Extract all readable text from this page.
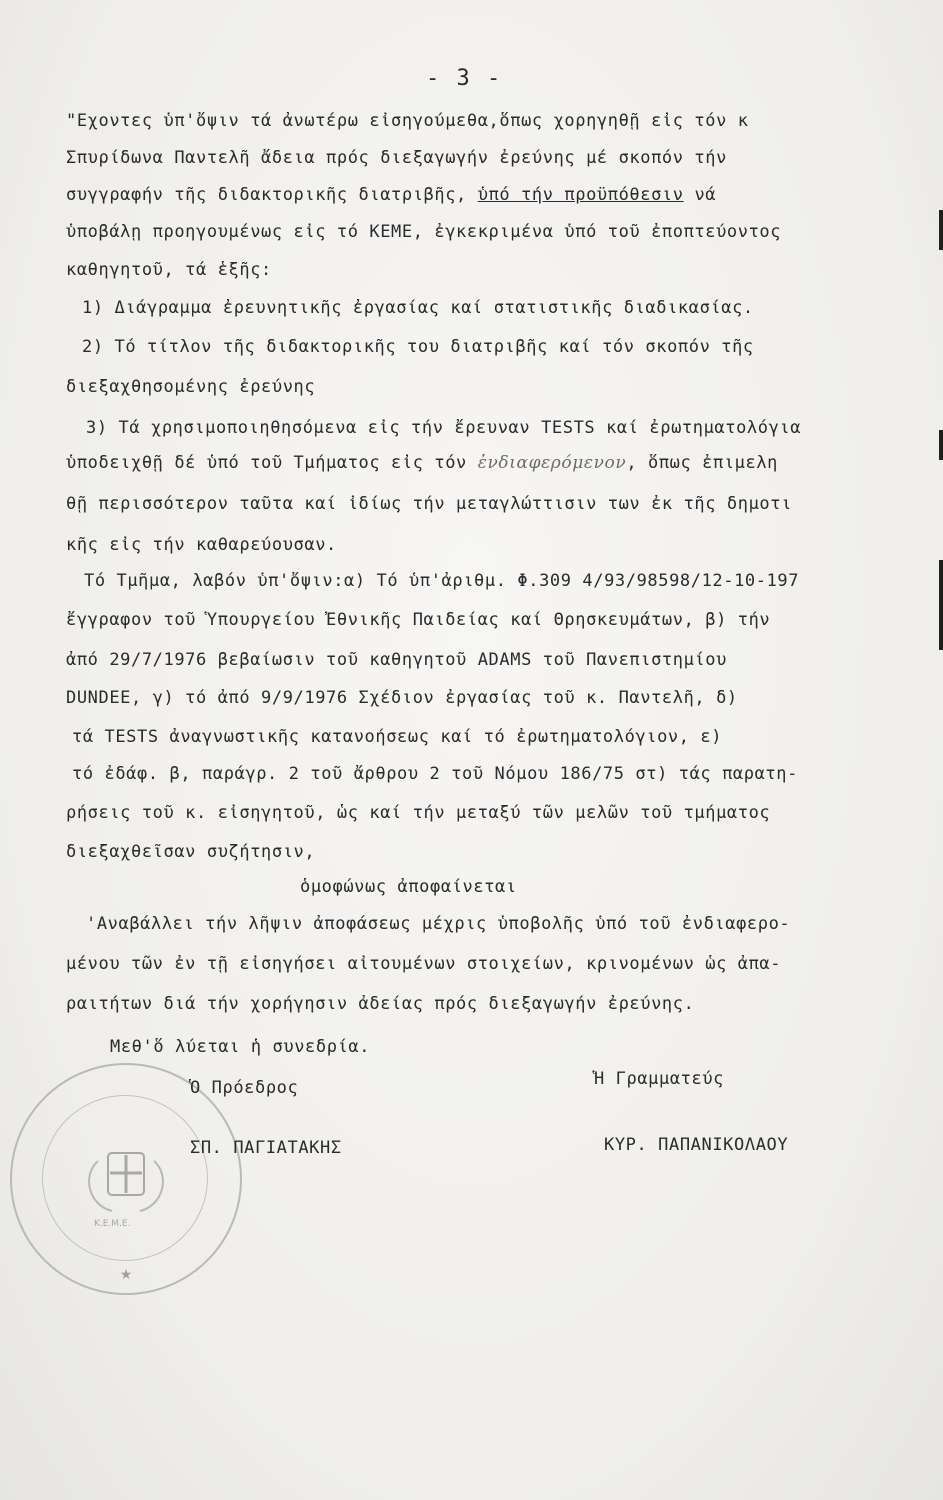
- 3 -
"Εχοντες ὑπ'ὄψιν τά ἀνωτέρω εἰσηγούμεθα,ὅπως χορηγηθῇ εἰς τόν κ
Σπυρίδωνα Παντελῆ ἄδεια πρός διεξαγωγήν ἐρεύνης μέ σκοπόν τήν
συγγραφήν τῆς διδακτορικῆς διατριβῆς, ὑπό τήν προϋπόθεσιν νά
ὑποβάλῃ προηγουμένως εἰς τό ΚΕΜΕ, ἐγκεκριμένα ὑπό τοῦ ἐποπτεύοντος
καθηγητοῦ, τά ἑξῆς:
1) Διάγραμμα ἐρευνητικῆς ἐργασίας καί στατιστικῆς διαδικασίας.
2) Τό τίτλον τῆς διδακτορικῆς του διατριβῆς καί τόν σκοπόν τῆς
διεξαχθησομένης ἐρεύνης
3) Τά χρησιμοποιηθησόμενα εἰς τήν ἔρευναν TESTS καί ἐρωτηματολόγια
ὑποδειχθῇ δέ ὑπό τοῦ Τμήματος εἰς τόν ἐνδιαφερόμενον, ὅπως ἐπιμελη
θῇ περισσότερον ταῦτα καί ἰδίως τήν μεταγλώττισιν των ἐκ τῆς δημοτι
κῆς εἰς τήν καθαρεύουσαν.
Τό Τμῆμα, λαβόν ὑπ'ὄψιν:α) Τό ὑπ'ἀριθμ. Φ.309 4/93/98598/12-10-197
ἔγγραφον τοῦ Ὑπουργείου Ἐθνικῆς Παιδείας καί Θρησκευμάτων, β) τήν
ἀπό 29/7/1976 βεβαίωσιν τοῦ καθηγητοῦ ADAMS τοῦ Πανεπιστημίου
DUNDEE, γ) τό ἀπό 9/9/1976 Σχέδιον ἐργασίας τοῦ κ. Παντελῆ, δ)
τά TESTS ἀναγνωστικῆς κατανοήσεως καί τό ἐρωτηματολόγιον, ε)
τό ἐδάφ. β, παράγρ. 2 τοῦ ἄρθρου 2 τοῦ Νόμου 186/75 στ) τάς παρατη-
ρήσεις τοῦ κ. εἰσηγητοῦ, ὡς καί τήν μεταξύ τῶν μελῶν τοῦ τμήματος
διεξαχθεῖσαν συζήτησιν,
ὁμοφώνως ἀποφαίνεται
'Αναβάλλει τήν λῆψιν ἀποφάσεως μέχρις ὑποβολῆς ὑπό τοῦ ἐνδιαφερο-
μένου τῶν ἐν τῇ εἰσηγήσει αἰτουμένων στοιχείων, κρινομένων ὡς ἀπα-
ραιτήτων διά τήν χορήγησιν ἀδείας πρός διεξαγωγήν ἐρεύνης.
Μεθ'ὅ λύεται ἡ συνεδρία.
★
Κ.Ε.Μ.Ε.
Ὁ Πρόεδρος
ΣΠ. ΠΑΓΙΑΤΑΚΗΣ
Ἡ Γραμματεύς
ΚΥΡ. ΠΑΠΑΝΙΚΟΛΑΟΥ
